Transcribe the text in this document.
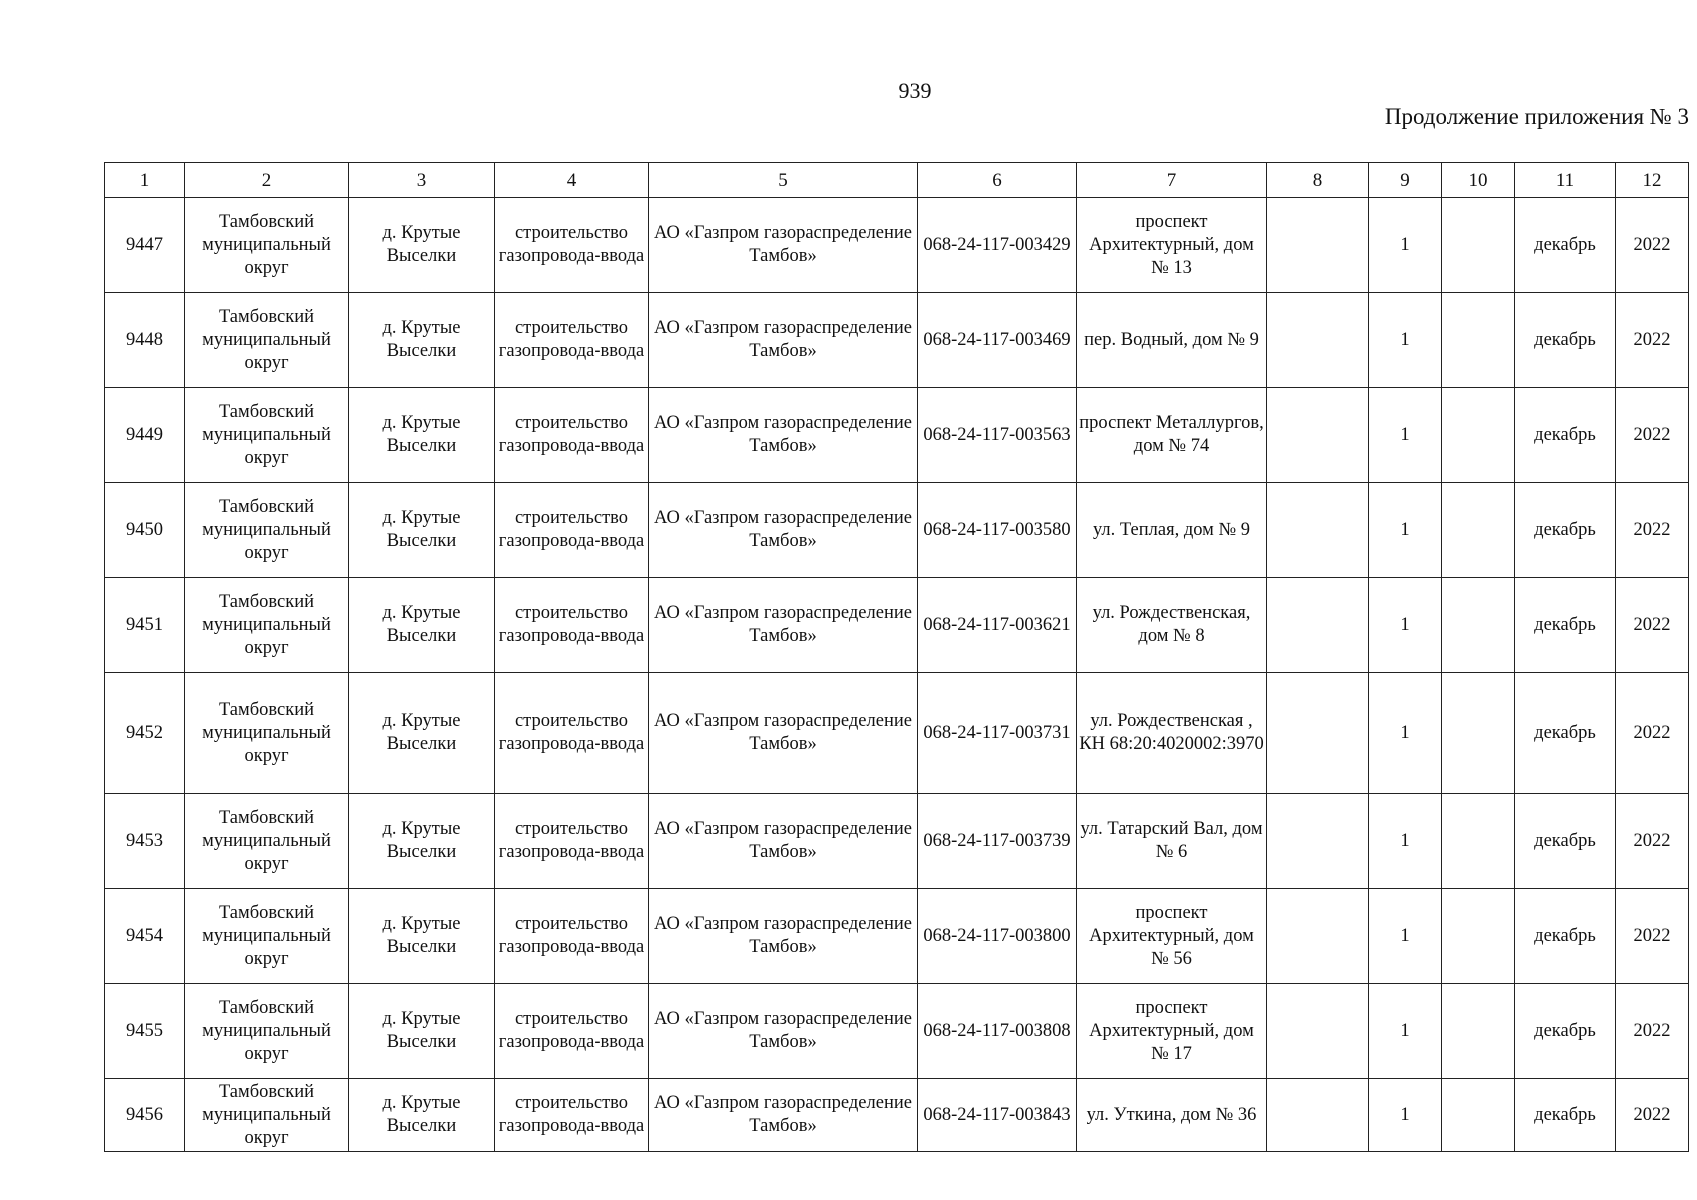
939
Продолжение приложения № 3
1	2	3	4	5	6	7	8	9	10	11	12
9447	Тамбовский муниципальный округ	д. Крутые Выселки	строительство газопровода-ввода	АО «Газпром газораспределение Тамбов»	068-24-117-003429	проспект Архитектурный, дом № 13		1		декабрь	2022
9448	Тамбовский муниципальный округ	д. Крутые Выселки	строительство газопровода-ввода	АО «Газпром газораспределение Тамбов»	068-24-117-003469	пер. Водный, дом № 9		1		декабрь	2022
9449	Тамбовский муниципальный округ	д. Крутые Выселки	строительство газопровода-ввода	АО «Газпром газораспределение Тамбов»	068-24-117-003563	проспект Металлургов, дом № 74		1		декабрь	2022
9450	Тамбовский муниципальный округ	д. Крутые Выселки	строительство газопровода-ввода	АО «Газпром газораспределение Тамбов»	068-24-117-003580	ул. Теплая, дом № 9		1		декабрь	2022
9451	Тамбовский муниципальный округ	д. Крутые Выселки	строительство газопровода-ввода	АО «Газпром газораспределение Тамбов»	068-24-117-003621	ул. Рождественская, дом № 8		1		декабрь	2022
9452	Тамбовский муниципальный округ	д. Крутые Выселки	строительство газопровода-ввода	АО «Газпром газораспределение Тамбов»	068-24-117-003731	ул. Рождественская , КН 68:20:4020002:3970		1		декабрь	2022
9453	Тамбовский муниципальный округ	д. Крутые Выселки	строительство газопровода-ввода	АО «Газпром газораспределение Тамбов»	068-24-117-003739	ул. Татарский Вал, дом № 6		1		декабрь	2022
9454	Тамбовский муниципальный округ	д. Крутые Выселки	строительство газопровода-ввода	АО «Газпром газораспределение Тамбов»	068-24-117-003800	проспект Архитектурный, дом № 56		1		декабрь	2022
9455	Тамбовский муниципальный округ	д. Крутые Выселки	строительство газопровода-ввода	АО «Газпром газораспределение Тамбов»	068-24-117-003808	проспект Архитектурный, дом № 17		1		декабрь	2022
9456	Тамбовский муниципальный округ	д. Крутые Выселки	строительство газопровода-ввода	АО «Газпром газораспределение Тамбов»	068-24-117-003843	ул. Уткина, дом № 36		1		декабрь	2022
